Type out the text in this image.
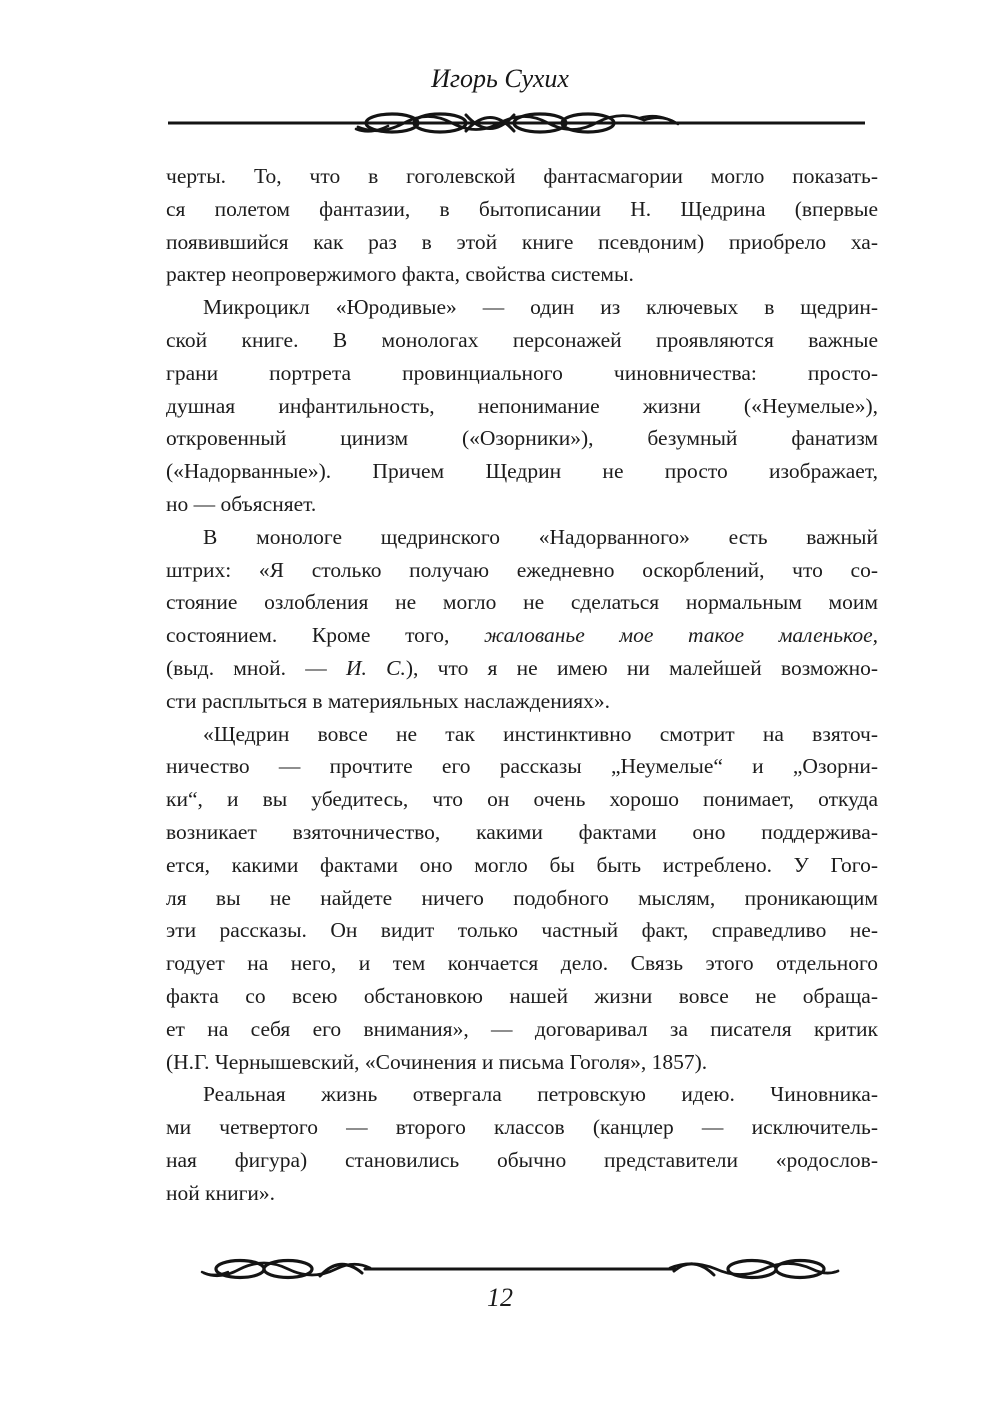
Игорь Сухих
черты. То, что в гоголевской фантасмагории могло показать-
ся полетом фантазии, в бытописании Н. Щедрина (впервые
появившийся как раз в этой книге псевдоним) приобрело ха-
рактер неопровержимого факта, свойства системы.
Микроцикл «Юродивые» — один из ключевых в щедрин-
ской книге. В монологах персонажей проявляются важные
грани портрета провинциального чиновничества: просто-
душная инфантильность, непонимание жизни («Неумелые»),
откровенный цинизм («Озорники»), безумный фанатизм
(«Надорванные»). Причем Щедрин не просто изображает,
но — объясняет.
В монологе щедринского «Надорванного» есть важный
штрих: «Я столько получаю ежедневно оскорблений, что со-
стояние озлобления не могло не сделаться нормальным моим
состоянием. Кроме того, жалованье мое такое маленькое,
(выд. мной. — И. С.), что я не имею ни малейшей возможно-
сти расплыться в материяльных наслаждениях».
«Щедрин вовсе не так инстинктивно смотрит на взяточ-
ничество — прочтите его рассказы „Неумелые“ и „Озорни-
ки“, и вы убедитесь, что он очень хорошо понимает, откуда
возникает взяточничество, какими фактами оно поддержива-
ется, какими фактами оно могло бы быть истреблено. У Гого-
ля вы не найдете ничего подобного мыслям, проникающим
эти рассказы. Он видит только частный факт, справедливо не-
годует на него, и тем кончается дело. Связь этого отдельного
факта со всею обстановкою нашей жизни вовсе не обраща-
ет на себя его внимания», — договаривал за писателя критик
(Н.Г. Чернышевский, «Сочинения и письма Гоголя», 1857).
Реальная жизнь отвергала петровскую идею. Чиновника-
ми четвертого — второго классов (канцлер — исключитель-
ная фигура) становились обычно представители «родослов-
ной книги».
12
